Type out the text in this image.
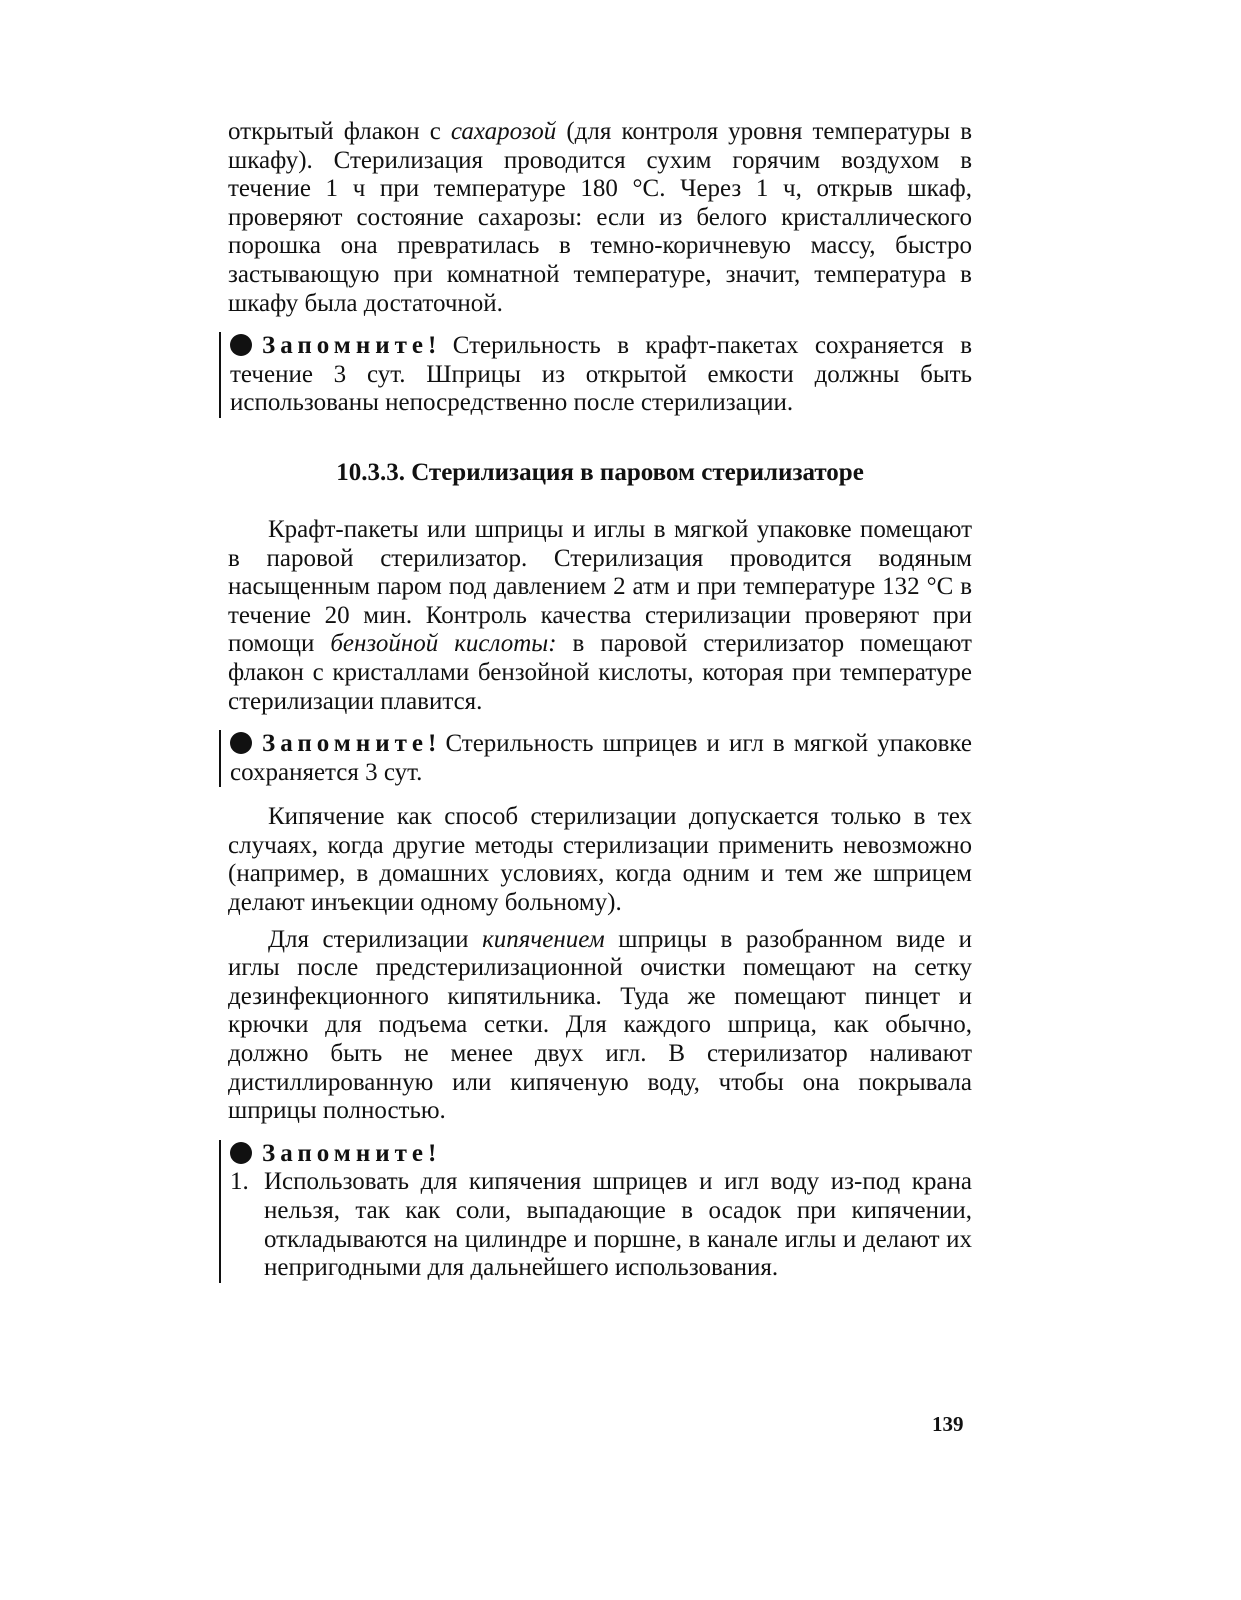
открытый флакон с сахарозой (для контроля уровня температуры в шкафу). Стерилизация проводится сухим горячим воздухом в течение 1 ч при температуре 180 °С. Через 1 ч, открыв шкаф, проверяют состояние сахарозы: если из белого кристаллического порошка она превратилась в темно-коричневую массу, быстро застывающую при комнатной температуре, значит, температура в шкафу была достаточной.

Запомните! Стерильность в крафт-пакетах сохраняется в течение 3 сут. Шприцы из открытой емкости должны быть использованы непосредственно после стерилизации.

10.3.3. Стерилизация в паровом стерилизаторе

Крафт-пакеты или шприцы и иглы в мягкой упаковке помещают в паровой стерилизатор. Стерилизация проводится водяным насыщенным паром под давлением 2 атм и при температуре 132 °С в течение 20 мин. Контроль качества стерилизации проверяют при помощи бензойной кислоты: в паровой стерилизатор помещают флакон с кристаллами бензойной кислоты, которая при температуре стерилизации плавится.

Запомните! Стерильность шприцев и игл в мягкой упаковке сохраняется 3 сут.

Кипячение как способ стерилизации допускается только в тех случаях, когда другие методы стерилизации применить невозможно (например, в домашних условиях, когда одним и тем же шприцем делают инъекции одному больному).

Для стерилизации кипячением шприцы в разобранном виде и иглы после предстерилизационной очистки помещают на сетку дезинфекционного кипятильника. Туда же помещают пинцет и крючки для подъема сетки. Для каждого шприца, как обычно, должно быть не менее двух игл. В стерилизатор наливают дистиллированную или кипяченую воду, чтобы она покрывала шприцы полностью.

Запомните!

1. Использовать для кипячения шприцев и игл воду из-под крана нельзя, так как соли, выпадающие в осадок при кипячении, откладываются на цилиндре и поршне, в канале иглы и делают их непригодными для дальнейшего использования.

139
